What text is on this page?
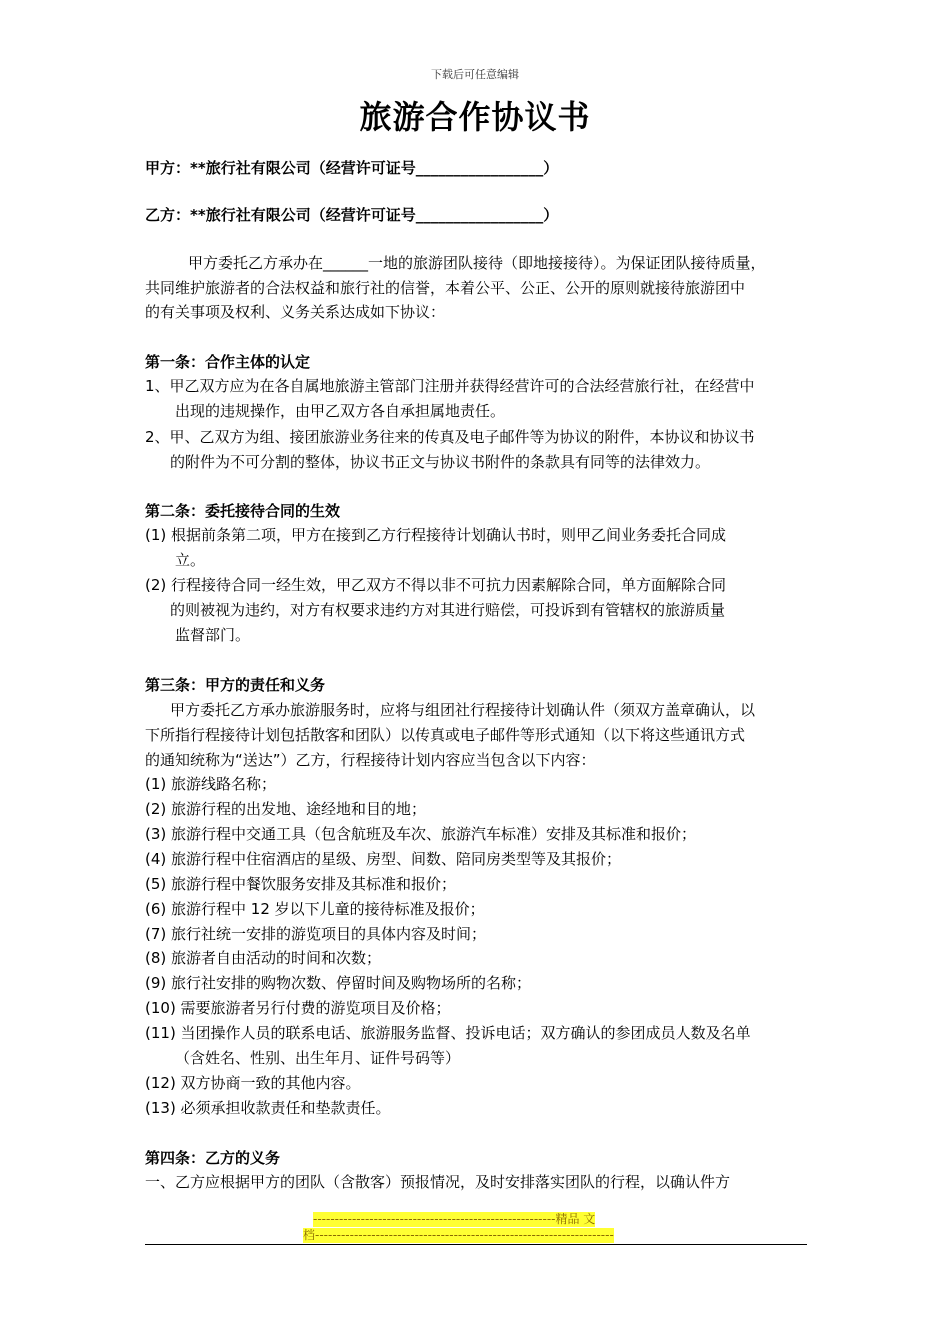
下载后可任意编辑
旅游合作协议书
甲方：**旅行社有限公司（经营许可证号_________________）
乙方：**旅行社有限公司（经营许可证号_________________）
甲方委托乙方承办在______一地的旅游团队接待（即地接接待）。为保证团队接待质量，
共同维护旅游者的合法权益和旅行社的信誉，本着公平、公正、公开的原则就接待旅游团中
的有关事项及权利、义务关系达成如下协议：
第一条：合作主体的认定
1、甲乙双方应为在各自属地旅游主管部门注册并获得经营许可的合法经营旅行社，在经营中
出现的违规操作，由甲乙双方各自承担属地责任。
2、甲、乙双方为组、接团旅游业务往来的传真及电子邮件等为协议的附件，本协议和协议书
的附件为不可分割的整体，协议书正文与协议书附件的条款具有同等的法律效力。
第二条：委托接待合同的生效
(1) 根据前条第二项，甲方在接到乙方行程接待计划确认书时，则甲乙间业务委托合同成
立。
(2) 行程接待合同一经生效，甲乙双方不得以非不可抗力因素解除合同，单方面解除合同
的则被视为违约，对方有权要求违约方对其进行赔偿，可投诉到有管辖权的旅游质量
监督部门。
第三条：甲方的责任和义务
甲方委托乙方承办旅游服务时，应将与组团社行程接待计划确认件（须双方盖章确认，以
下所指行程接待计划包括散客和团队）以传真或电子邮件等形式通知（以下将这些通讯方式
的通知统称为“送达”）乙方，行程接待计划内容应当包含以下内容：
(1) 旅游线路名称；
(2) 旅游行程的出发地、途经地和目的地；
(3) 旅游行程中交通工具（包含航班及车次、旅游汽车标准）安排及其标准和报价；
(4) 旅游行程中住宿酒店的星级、房型、间数、陪同房类型等及其报价；
(5) 旅游行程中餐饮服务安排及其标准和报价；
(6) 旅游行程中 12 岁以下儿童的接待标准及报价；
(7) 旅行社统一安排的游览项目的具体内容及时间；
(8) 旅游者自由活动的时间和次数；
(9) 旅行社安排的购物次数、停留时间及购物场所的名称；
(10) 需要旅游者另行付费的游览项目及价格；
(11) 当团操作人员的联系电话、旅游服务监督、投诉电话；双方确认的参团成员人数及名单
（含姓名、性别、出生年月、证件号码等）
(12) 双方协商一致的其他内容。
(13) 必须承担收款责任和垫款责任。
第四条：乙方的义务
一、乙方应根据甲方的团队（含散客）预报情况，及时安排落实团队的行程，以确认件方
--------------------------------------------------------精品 文
档---------------------------------------------------------------------
